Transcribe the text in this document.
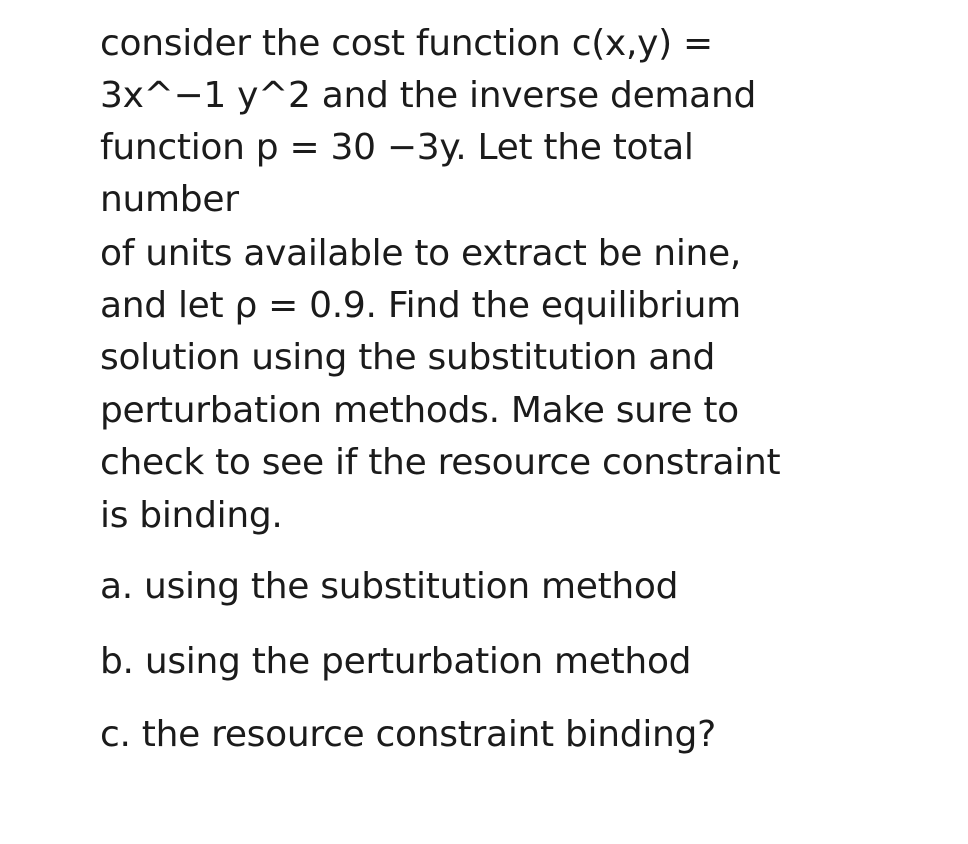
consider the cost function c(x,y) =
3x^−1 y^2 and the inverse demand
function p = 30 −3y. Let the total
number
of units available to extract be nine,
and let ρ = 0.9. Find the equilibrium
solution using the substitution and
perturbation methods. Make sure to
check to see if the resource constraint
is binding.
a. using the substitution method
b. using the perturbation method
c. the resource constraint binding?
